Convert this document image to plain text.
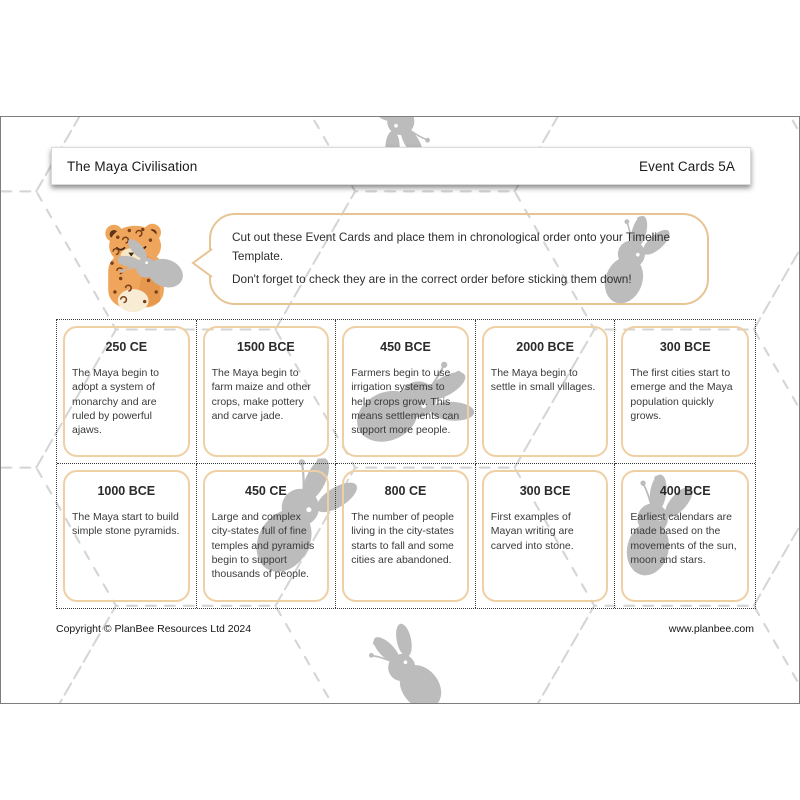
The Maya Civilisation	Event Cards 5A

Cut out these Event Cards and place them in chronological order onto your Timeline Template.

Don't forget to check they are in the correct order before sticking them down!

250 CE
The Maya begin to adopt a system of monarchy and are ruled by powerful ajaws.
1500 BCE
The Maya begin to farm maize and other crops, make pottery and carve jade.
450 BCE
Farmers begin to use irrigation systems to help crops grow. This means settlements can support more people.
2000 BCE
The Maya begin to settle in small villages.
300 BCE
The first cities start to emerge and the Maya population quickly grows.
1000 BCE
The Maya start to build simple stone pyramids.
450 CE
Large and complex city-states full of fine temples and pyramids begin to support thousands of people.
800 CE
The number of people living in the city-states starts to fall and some cities are abandoned.
300 BCE
First examples of Mayan writing are carved into stone.
400 BCE
Earliest calendars are made based on the movements of the sun, moon and stars.
Copyright © PlanBee Resources Ltd 2024	www.planbee.com
